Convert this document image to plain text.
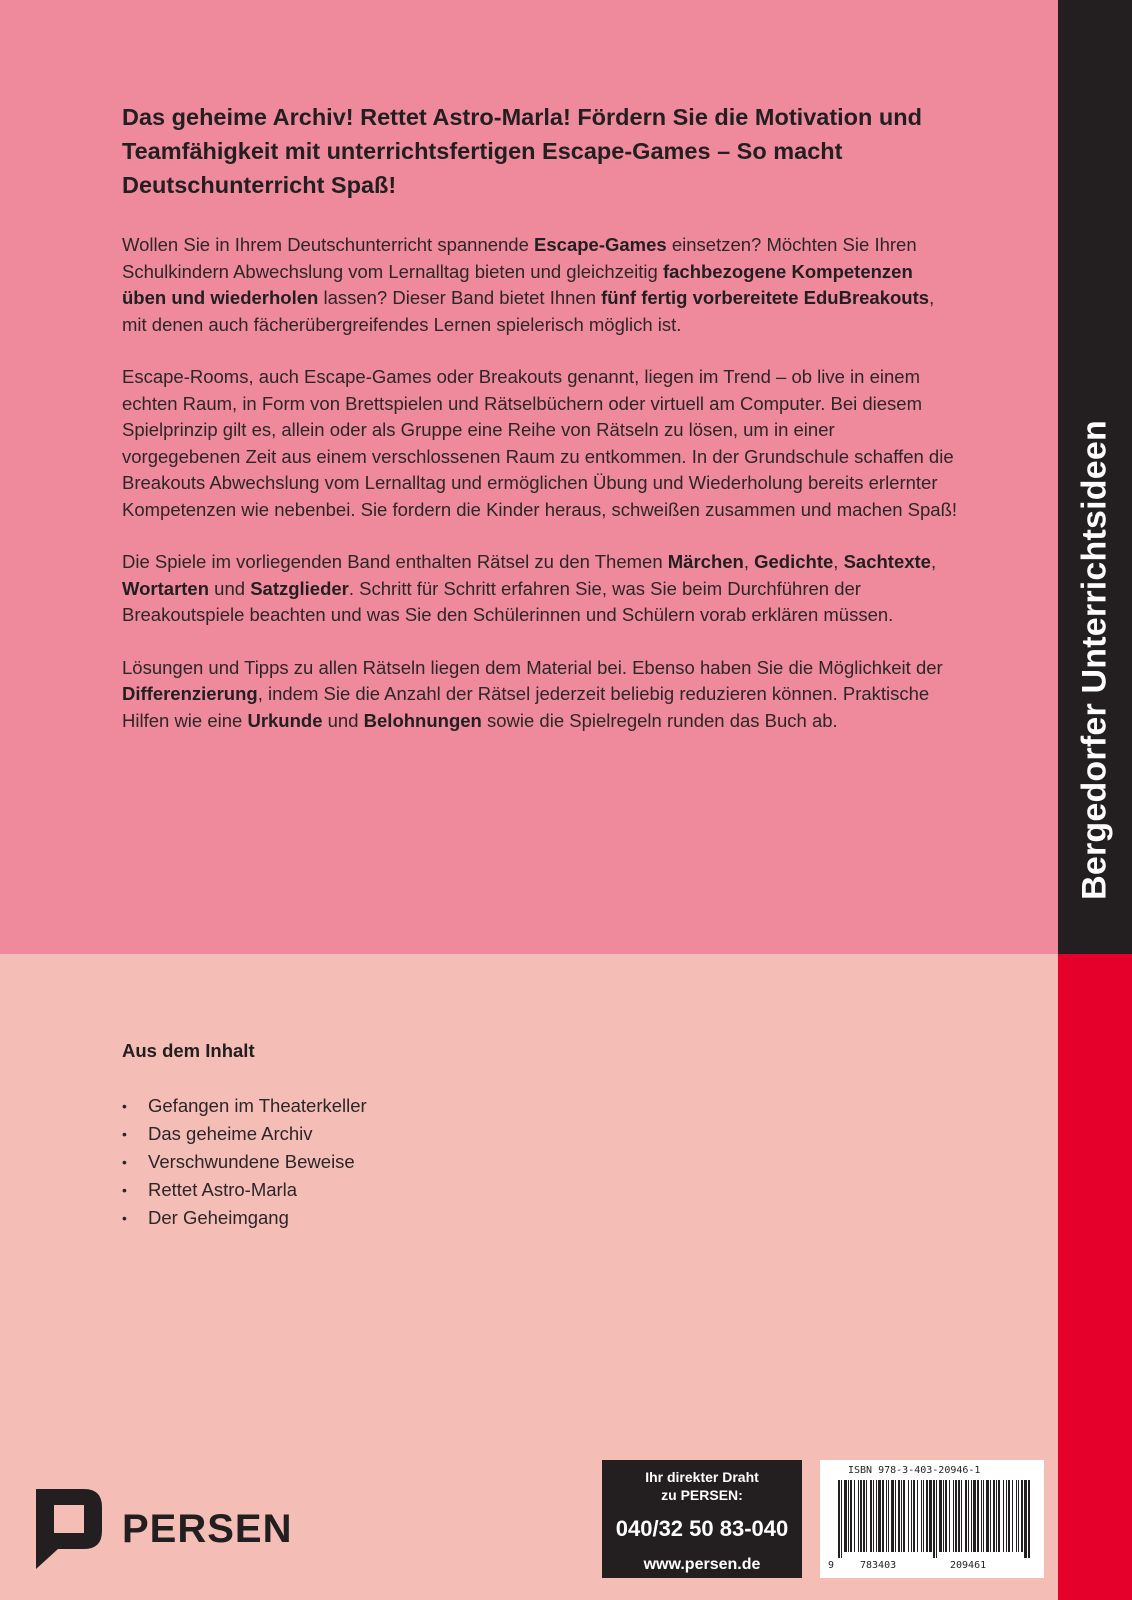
Bergedorfer Unterrichtsideen
Das geheime Archiv! Rettet Astro-Marla! Fördern Sie die Motivation und Teamfähigkeit mit unterrichtsfertigen Escape-Games – So macht Deutschunterricht Spaß!

Wollen Sie in Ihrem Deutschunterricht spannende Escape-Games einsetzen? Möchten Sie Ihren Schulkindern Abwechslung vom Lernalltag bieten und gleichzeitig fachbezogene Kompetenzen üben und wiederholen lassen? Dieser Band bietet Ihnen fünf fertig vorbereitete EduBreakouts, mit denen auch fächerübergreifendes Lernen spielerisch möglich ist.

Escape-Rooms, auch Escape-Games oder Breakouts genannt, liegen im Trend – ob live in einem echten Raum, in Form von Brettspielen und Rätselbüchern oder virtuell am Computer. Bei diesem Spielprinzip gilt es, allein oder als Gruppe eine Reihe von Rätseln zu lösen, um in einer vorgegebenen Zeit aus einem verschlossenen Raum zu entkommen. In der Grundschule schaffen die Breakouts Abwechslung vom Lernalltag und ermöglichen Übung und Wiederholung bereits erlernter Kompetenzen wie nebenbei. Sie fordern die Kinder heraus, schweißen zusammen und machen Spaß!

Die Spiele im vorliegenden Band enthalten Rätsel zu den Themen Märchen, Gedichte, Sachtexte, Wortarten und Satzglieder. Schritt für Schritt erfahren Sie, was Sie beim Durchführen der Breakoutspiele beachten und was Sie den Schülerinnen und Schülern vorab erklären müssen.

Lösungen und Tipps zu allen Rätseln liegen dem Material bei. Ebenso haben Sie die Möglichkeit der Differenzierung, indem Sie die Anzahl der Rätsel jederzeit beliebig reduzieren können. Praktische Hilfen wie eine Urkunde und Belohnungen sowie die Spielregeln runden das Buch ab.

Aus dem Inhalt
• Gefangen im Theaterkeller
• Das geheime Archiv
• Verschwundene Beweise
• Rettet Astro-Marla
• Der Geheimgang
PERSEN
Ihr direkter Draht
zu PERSEN:
040/32 50 83-040
www.persen.de
ISBN 978-3-403-20946-1
9	783403	209461
